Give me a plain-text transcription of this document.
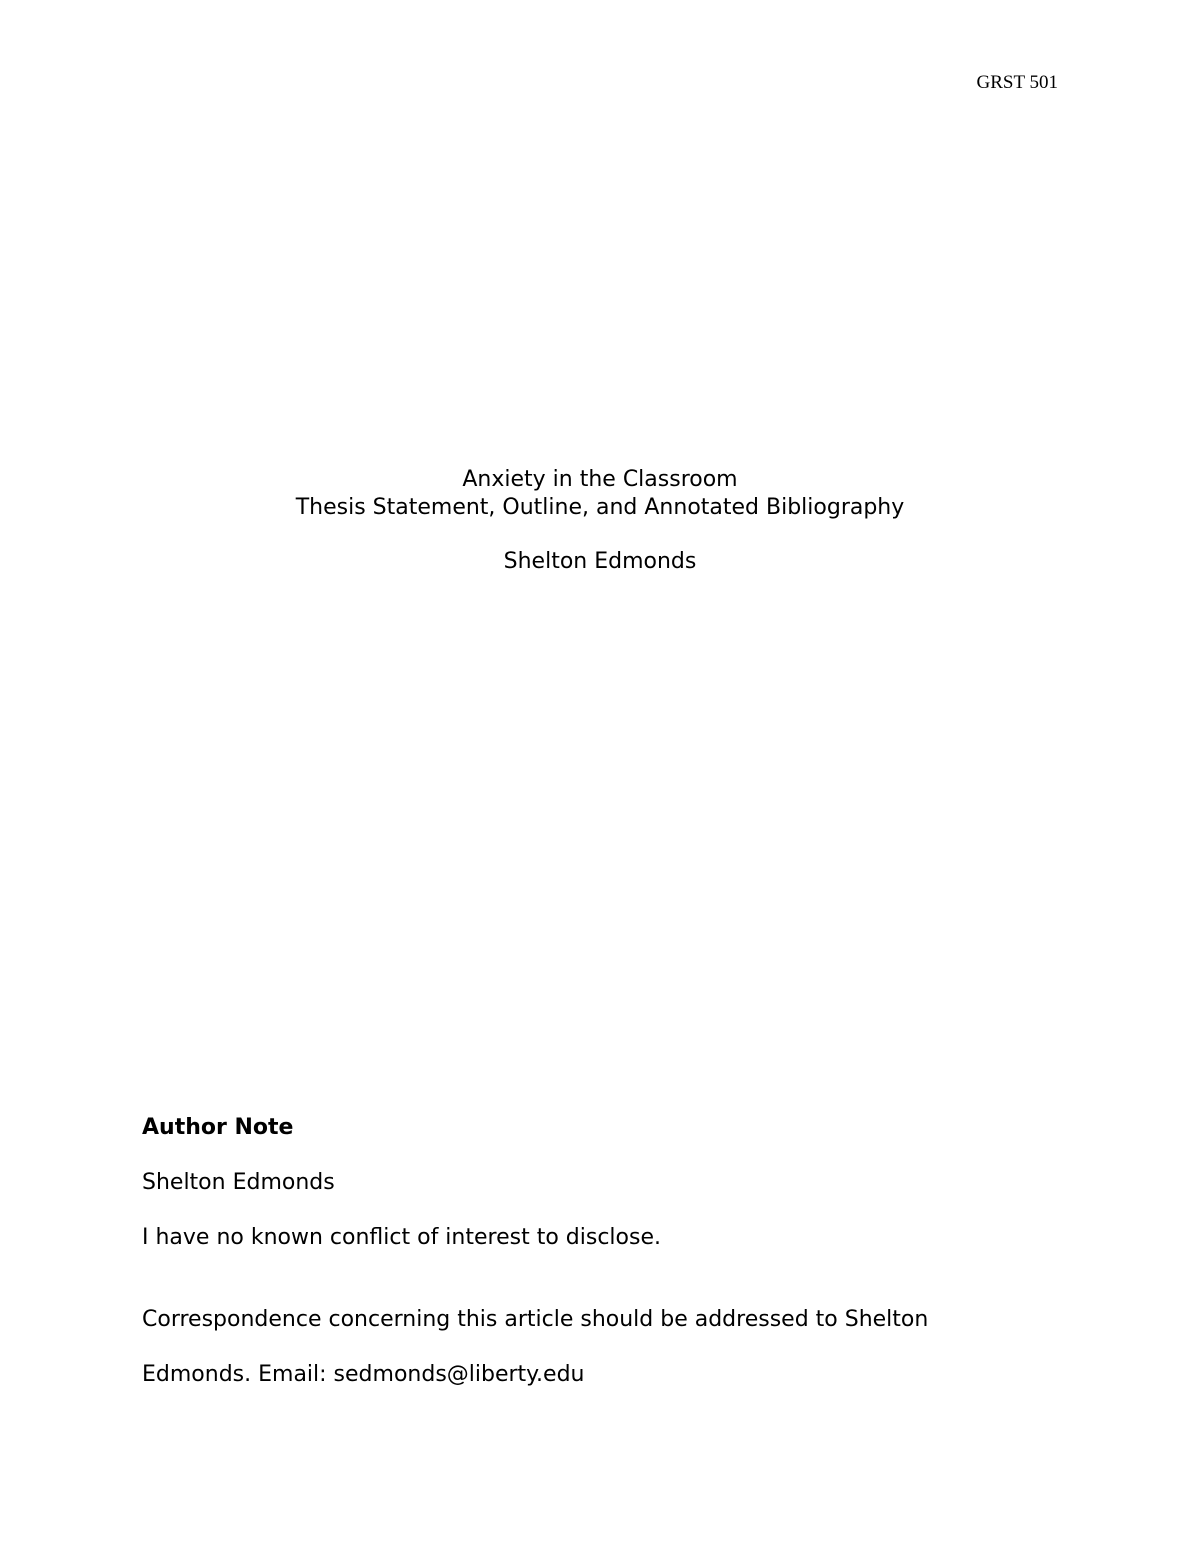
GRST 501
Anxiety in the Classroom
Thesis Statement, Outline, and Annotated Bibliography
Shelton Edmonds
Author Note
Shelton Edmonds
I have no known conflict of interest to disclose.
Correspondence concerning this article should be addressed to Shelton
Edmonds. Email: sedmonds@liberty.edu
